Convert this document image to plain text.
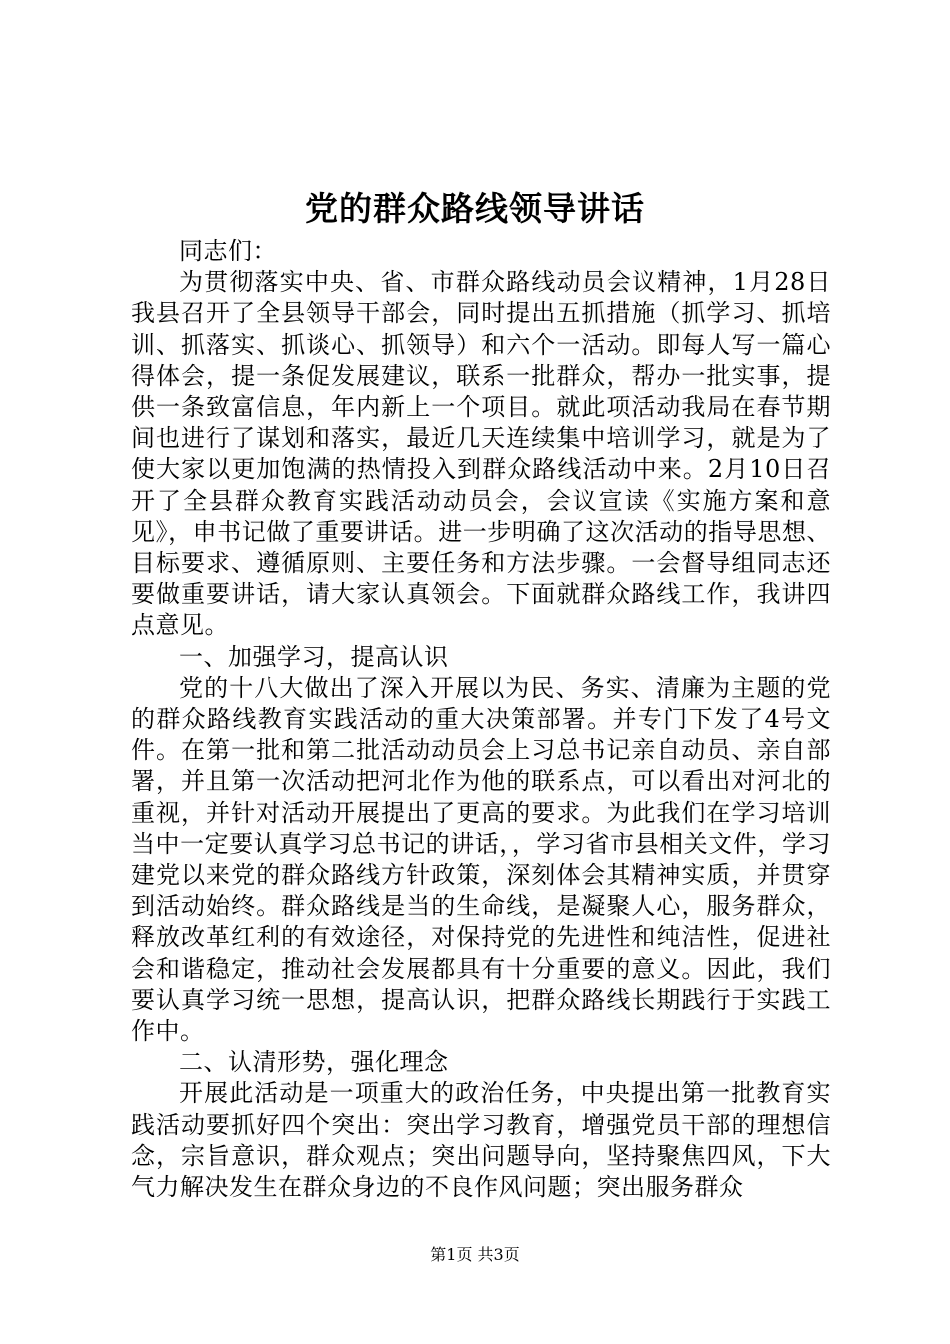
党的群众路线领导讲话

同志们：

为贯彻落实中央、省、市群众路线动员会议精神，1月28日我县召开了全县领导干部会，同时提出五抓措施（抓学习、抓培训、抓落实、抓谈心、抓领导）和六个一活动。即每人写一篇心得体会，提一条促发展建议，联系一批群众，帮办一批实事，提供一条致富信息，年内新上一个项目。就此项活动我局在春节期间也进行了谋划和落实，最近几天连续集中培训学习，就是为了使大家以更加饱满的热情投入到群众路线活动中来。2月10日召开了全县群众教育实践活动动员会，会议宣读《实施方案和意见》，申书记做了重要讲话。进一步明确了这次活动的指导思想、目标要求、遵循原则、主要任务和方法步骤。一会督导组同志还要做重要讲话，请大家认真领会。下面就群众路线工作，我讲四点意见。

一、加强学习，提高认识

党的十八大做出了深入开展以为民、务实、清廉为主题的党的群众路线教育实践活动的重大决策部署。并专门下发了4号文件。在第一批和第二批活动动员会上习总书记亲自动员、亲自部署，并且第一次活动把河北作为他的联系点，可以看出对河北的重视，并针对活动开展提出了更高的要求。为此我们在学习培训当中一定要认真学习总书记的讲话，，学习省市县相关文件，学习建党以来党的群众路线方针政策，深刻体会其精神实质，并贯穿到活动始终。群众路线是当的生命线，是凝聚人心，服务群众，释放改革红利的有效途径，对保持党的先进性和纯洁性，促进社会和谐稳定，推动社会发展都具有十分重要的意义。因此，我们要认真学习统一思想，提高认识，把群众路线长期践行于实践工作中。

二、认清形势，强化理念

开展此活动是一项重大的政治任务，中央提出第一批教育实践活动要抓好四个突出：突出学习教育，增强党员干部的理想信念，宗旨意识，群众观点；突出问题导向，坚持聚焦四风，下大气力解决发生在群众身边的不良作风问题；突出服务群众

第1页 共3页
